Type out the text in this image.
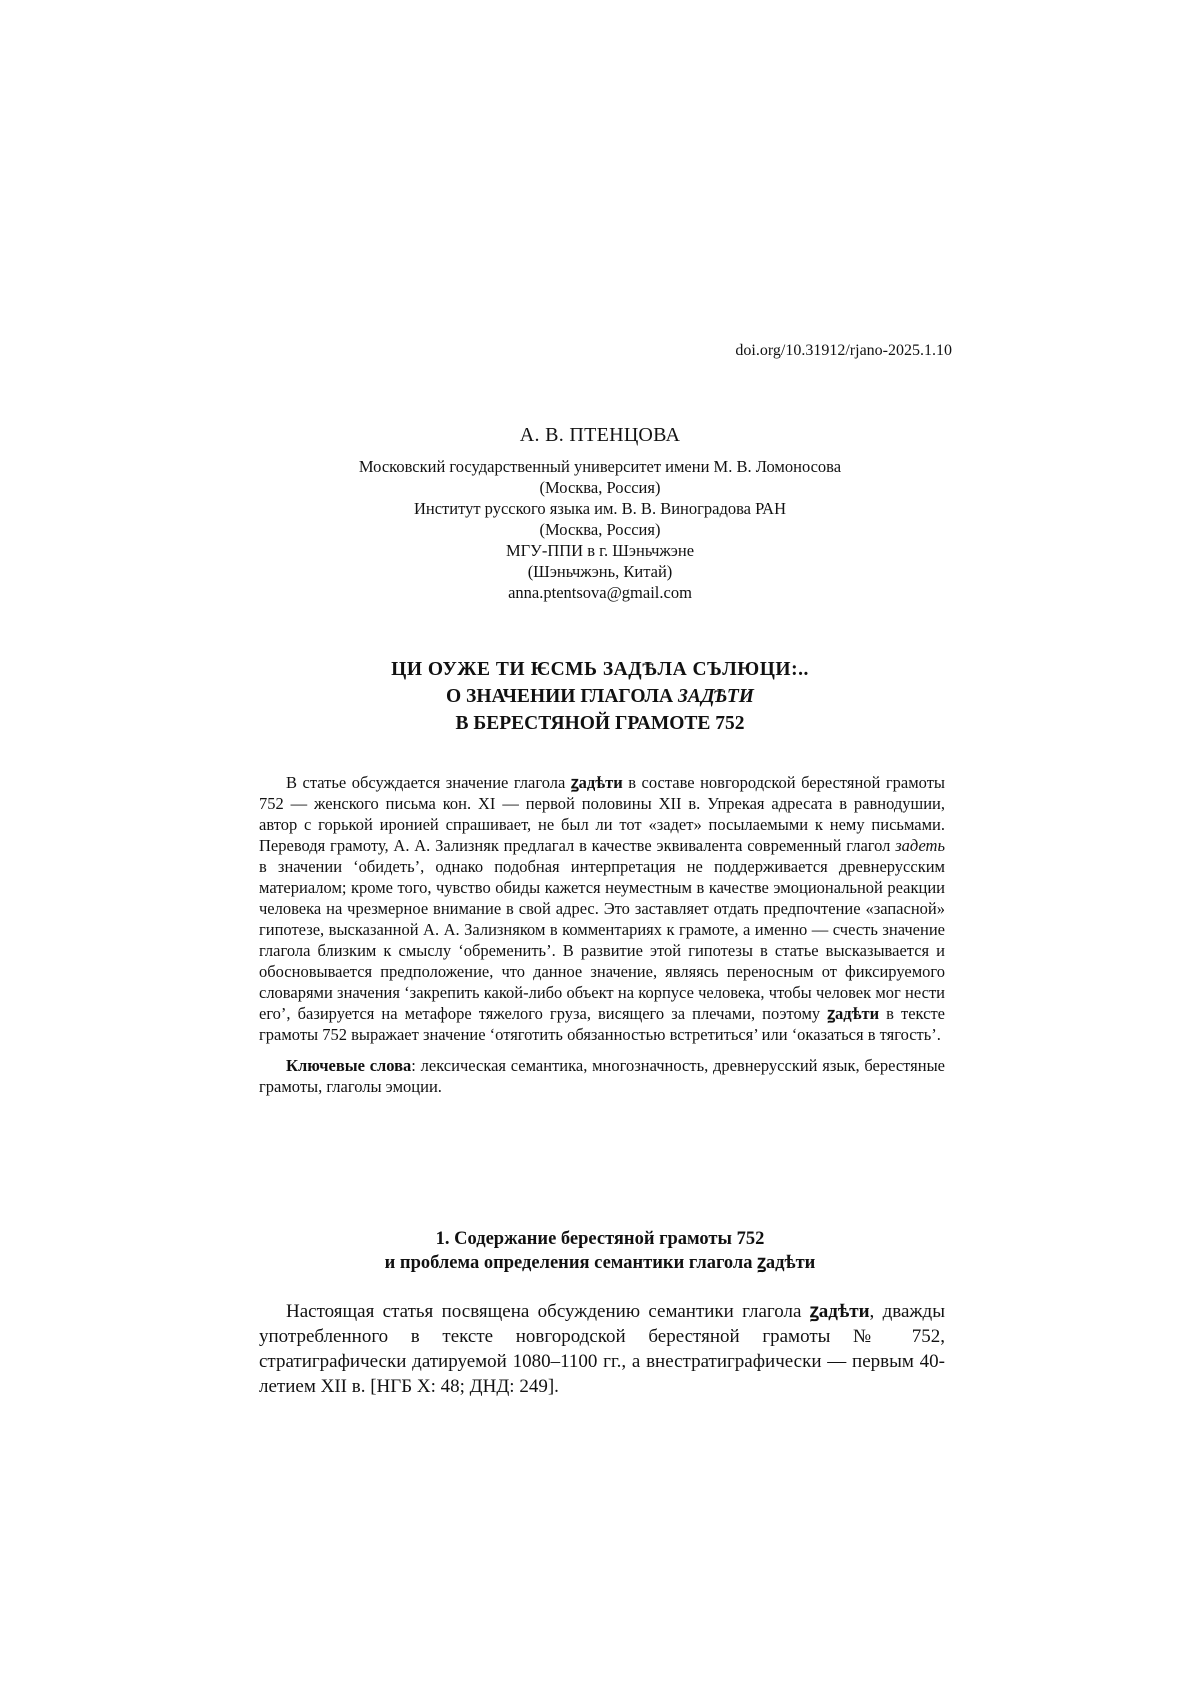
doi.org/10.31912/rjano-2025.1.10
А. В. ПТЕНЦОВА
Московский государственный университет имени М. В. Ломоносова
(Москва, Россия)
Институт русского языка им. В. В. Виноградова РАН
(Москва, Россия)
МГУ-ППИ в г. Шэньчжэне
(Шэньчжэнь, Китай)
anna.ptentsova@gmail.com
ЦИ ОУЖЕ ТИ ѤСМЬ ЗАДѢЛА СЪЛЮЦИ:..
О ЗНАЧЕНИИ ГЛАГОЛА ЗАДѢТИ
В БЕРЕСТЯНОЙ ГРАМОТЕ 752

В статье обсуждается значение глагола ꙁадѣти в составе новгородской берестяной грамоты 752 — женского письма кон. XI — первой половины XII в. Упрекая адресата в равнодушии, автор с горькой иронией спрашивает, не был ли тот «задет» посылаемыми к нему письмами. Переводя грамоту, А. А. Зализняк предлагал в качестве эквивалента современный глагол задеть в значении ‘обидеть’, однако подобная интерпретация не поддерживается древнерусским материалом; кроме того, чувство обиды кажется неуместным в качестве эмоциональной реакции человека на чрезмерное внимание в свой адрес. Это заставляет отдать предпочтение «запасной» гипотезе, высказанной А. А. Зализняком в комментариях к грамоте, а именно — счесть значение глагола близким к смыслу ‘обременить’. В развитие этой гипотезы в статье высказывается и обосновывается предположение, что данное значение, являясь переносным от фиксируемого словарями значения ‘закрепить какой-либо объект на корпусе человека, чтобы человек мог нести его’, базируется на метафоре тяжелого груза, висящего за плечами, поэтому ꙁадѣти в тексте грамоты 752 выражает значение ‘отяготить обязанностью встретиться’ или ‘оказаться в тягость’.

Ключевые слова: лексическая семантика, многозначность, древнерусский язык, берестяные грамоты, глаголы эмоции.

1. Содержание берестяной грамоты 752
и проблема определения семантики глагола ꙁадѣти

Настоящая статья посвящена обсуждению семантики глагола ꙁадѣти, дважды употребленного в тексте новгородской берестяной грамоты № 752, стратиграфически датируемой 1080–1100 гг., а внестратиграфически — первым 40-летием XII в. [НГБ X: 48; ДНД: 249].
